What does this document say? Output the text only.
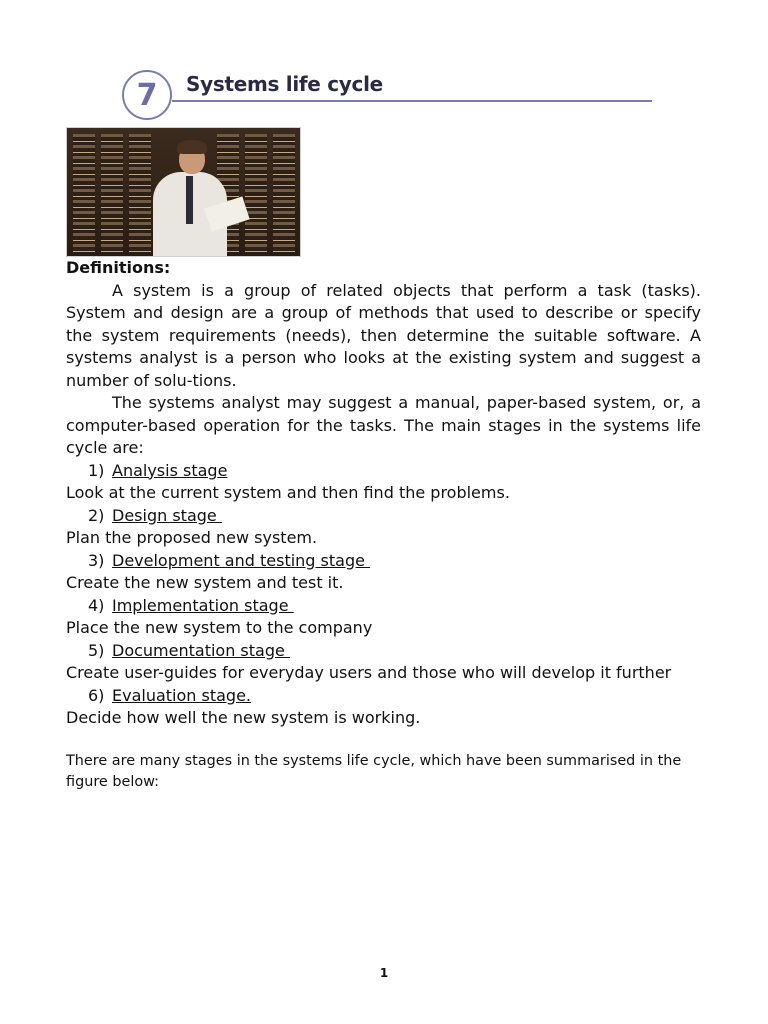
7	Systems life cycle

Definitions:

A system is a group of related objects that perform a task (tasks). System and design are a group of methods that used to describe or specify the system requirements (needs), then determine the suitable software. A systems analyst is a person who looks at the existing system and suggest a number of solu-tions.

The systems analyst may suggest a manual, paper-based system, or, a computer-based operation for the tasks. The main stages in the systems life cycle are:

1) Analysis stage

Look at the current system and then find the problems.

2) Design stage

Plan the proposed new system.

3) Development and testing stage

Create the new system and test it.

4) Implementation stage

Place the new system to the company

5) Documentation stage

Create user-guides for everyday users and those who will develop it further

6) Evaluation stage.

Decide how well the new system is working.

There are many stages in the systems life cycle, which have been summarised in the figure below:
1
